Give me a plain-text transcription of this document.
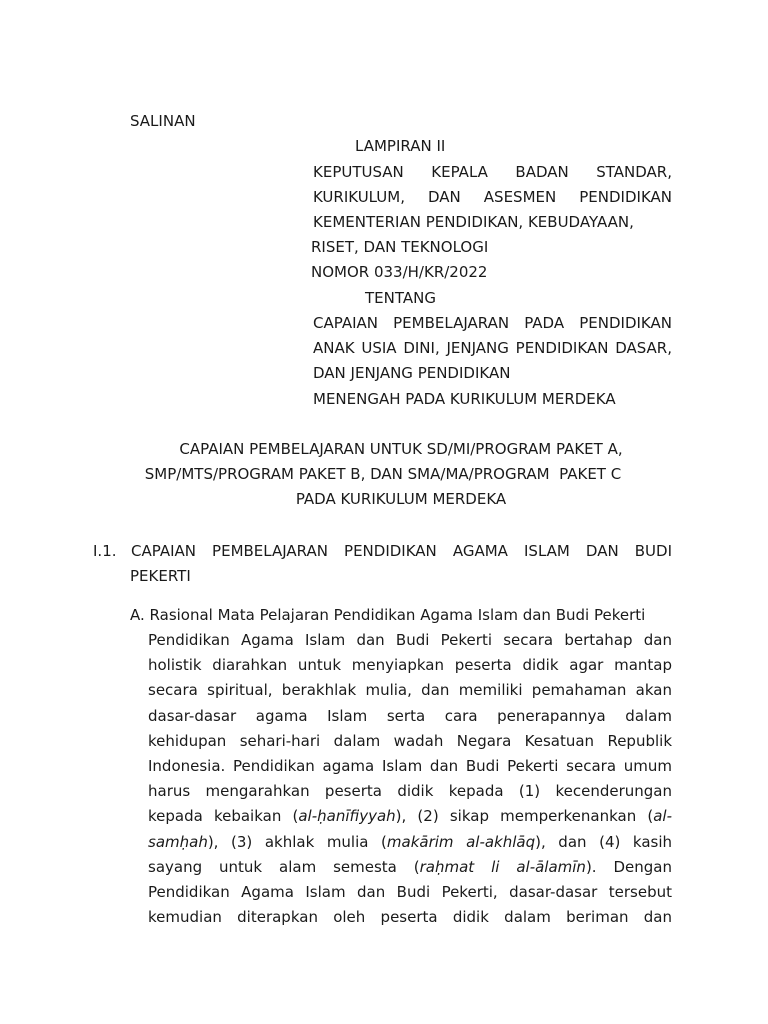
SALINAN
LAMPIRAN II
KEPUTUSAN KEPALA BADAN STANDAR,
KURIKULUM, DAN ASESMEN PENDIDIKAN
KEMENTERIAN PENDIDIKAN, KEBUDAYAAN,
RISET, DAN TEKNOLOGI
NOMOR 033/H/KR/2022
TENTANG
CAPAIAN PEMBELAJARAN PADA PENDIDIKAN
ANAK USIA DINI, JENJANG PENDIDIKAN DASAR,
DAN JENJANG PENDIDIKAN
MENENGAH PADA KURIKULUM MERDEKA
CAPAIAN PEMBELAJARAN UNTUK SD/MI/PROGRAM PAKET A,
SMP/MTS/PROGRAM PAKET B, DAN SMA/MA/PROGRAM  PAKET C
PADA KURIKULUM MERDEKA
I.1. CAPAIAN PEMBELAJARAN PENDIDIKAN AGAMA ISLAM DAN BUDI
PEKERTI
A. Rasional Mata Pelajaran Pendidikan Agama Islam dan Budi Pekerti
Pendidikan Agama Islam dan Budi Pekerti secara bertahap dan
holistik diarahkan untuk menyiapkan peserta didik agar mantap
secara spiritual, berakhlak mulia, dan memiliki pemahaman akan
dasar-dasar agama Islam serta cara penerapannya dalam
kehidupan sehari-hari dalam wadah Negara Kesatuan Republik
Indonesia. Pendidikan agama Islam dan Budi Pekerti secara umum
harus mengarahkan peserta didik kepada (1) kecenderungan
kepada kebaikan (al-ḥanīfiyyah), (2) sikap memperkenankan (al-
samḥah), (3) akhlak mulia (makārim al-akhlāq), dan (4) kasih
sayang untuk alam semesta (raḥmat li al-ālamīn). Dengan
Pendidikan Agama Islam dan Budi Pekerti, dasar-dasar tersebut
kemudian diterapkan oleh peserta didik dalam beriman dan
